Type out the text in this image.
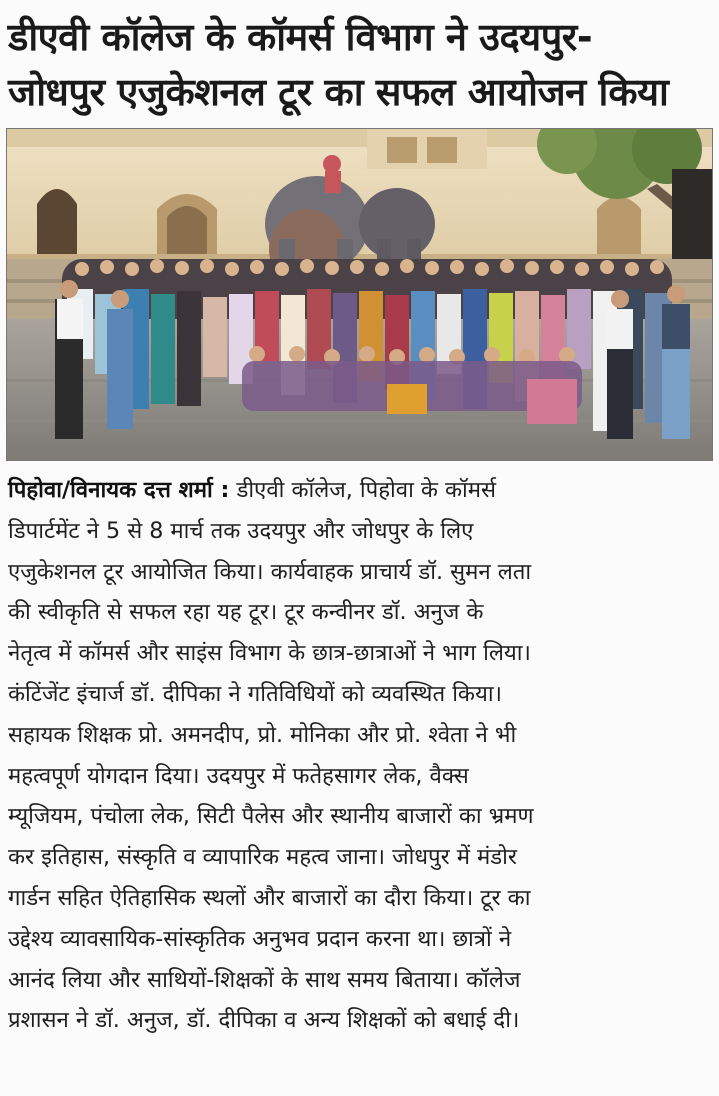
डीएवी कॉलेज के कॉमर्स विभाग ने उदयपुर-
जोधपुर एजुकेशनल टूर का सफल आयोजन किया

पिहोवा/विनायक दत्त शर्मा : डीएवी कॉलेज, पिहोवा के कॉमर्स

डिपार्टमेंट ने 5 से 8 मार्च तक उदयपुर और जोधपुर के लिए

एजुकेशनल टूर आयोजित किया। कार्यवाहक प्राचार्य डॉ. सुमन लता

की स्वीकृति से सफल रहा यह टूर। टूर कन्वीनर डॉ. अनुज के

नेतृत्व में कॉमर्स और साइंस विभाग के छात्र-छात्राओं ने भाग लिया।

कंटिंजेंट इंचार्ज डॉ. दीपिका ने गतिविधियों को व्यवस्थित किया।

सहायक शिक्षक प्रो. अमनदीप, प्रो. मोनिका और प्रो. श्वेता ने भी

महत्वपूर्ण योगदान दिया। उदयपुर में फतेहसागर लेक, वैक्स

म्यूजियम, पंचोला लेक, सिटी पैलेस और स्थानीय बाजारों का भ्रमण

कर इतिहास, संस्कृति व व्यापारिक महत्व जाना। जोधपुर में मंडोर

गार्डन सहित ऐतिहासिक स्थलों और बाजारों का दौरा किया। टूर का

उद्देश्य व्यावसायिक-सांस्कृतिक अनुभव प्रदान करना था। छात्रों ने

आनंद लिया और साथियों-शिक्षकों के साथ समय बिताया। कॉलेज

प्रशासन ने डॉ. अनुज, डॉ. दीपिका व अन्य शिक्षकों को बधाई दी।
